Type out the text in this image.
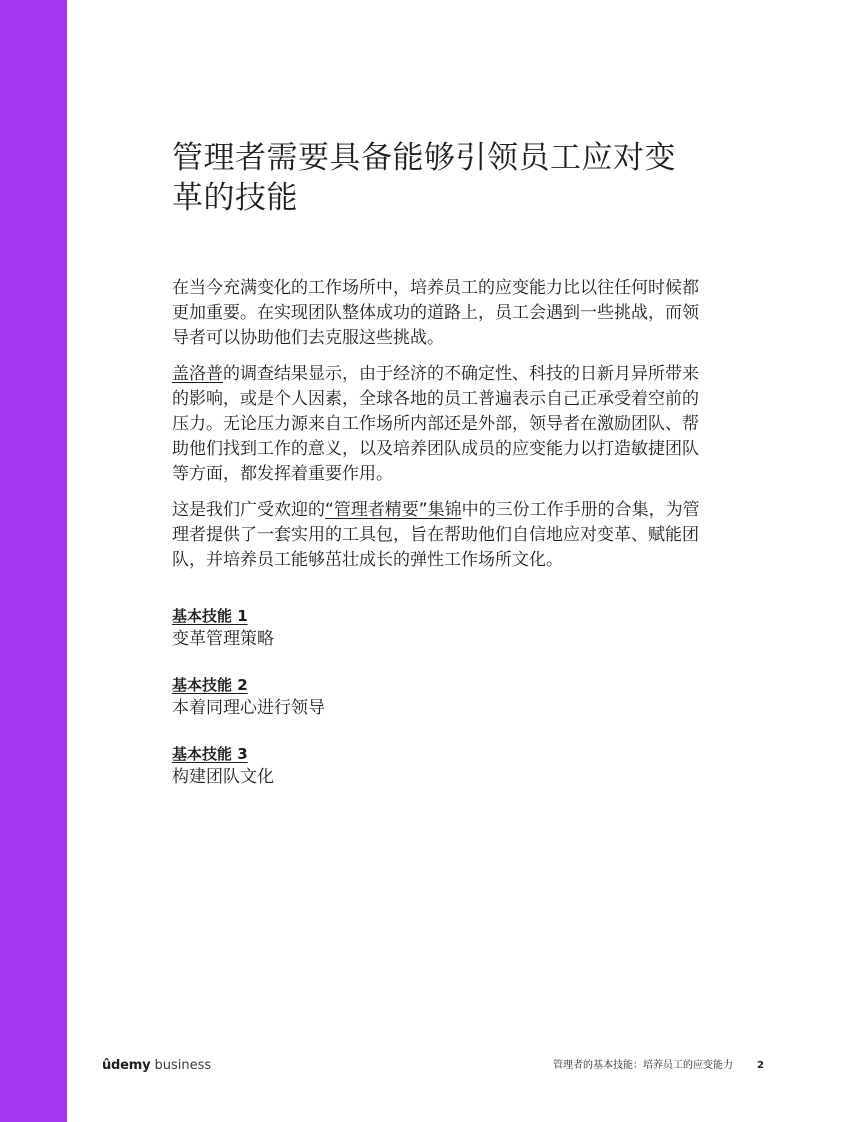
管理者需要具备能够引领员工应对变革的技能

在当今充满变化的工作场所中，培养员工的应变能力比以往任何时候都更加重要。在实现团队整体成功的道路上，员工会遇到一些挑战，而领导者可以协助他们去克服这些挑战。

盖洛普的调查结果显示，由于经济的不确定性、科技的日新月异所带来的影响，或是个人因素，全球各地的员工普遍表示自己正承受着空前的压力。无论压力源来自工作场所内部还是外部，领导者在激励团队、帮助他们找到工作的意义，以及培养团队成员的应变能力以打造敏捷团队等方面，都发挥着重要作用。

这是我们广受欢迎的“管理者精要”集锦中的三份工作手册的合集，为管理者提供了一套实用的工具包，旨在帮助他们自信地应对变革、赋能团队，并培养员工能够茁壮成长的弹性工作场所文化。

基本技能 1
变革管理策略
基本技能 2
本着同理心进行领导
基本技能 3
构建团队文化
ûdemy business	管理者的基本技能：培养员工的应变能力 2
